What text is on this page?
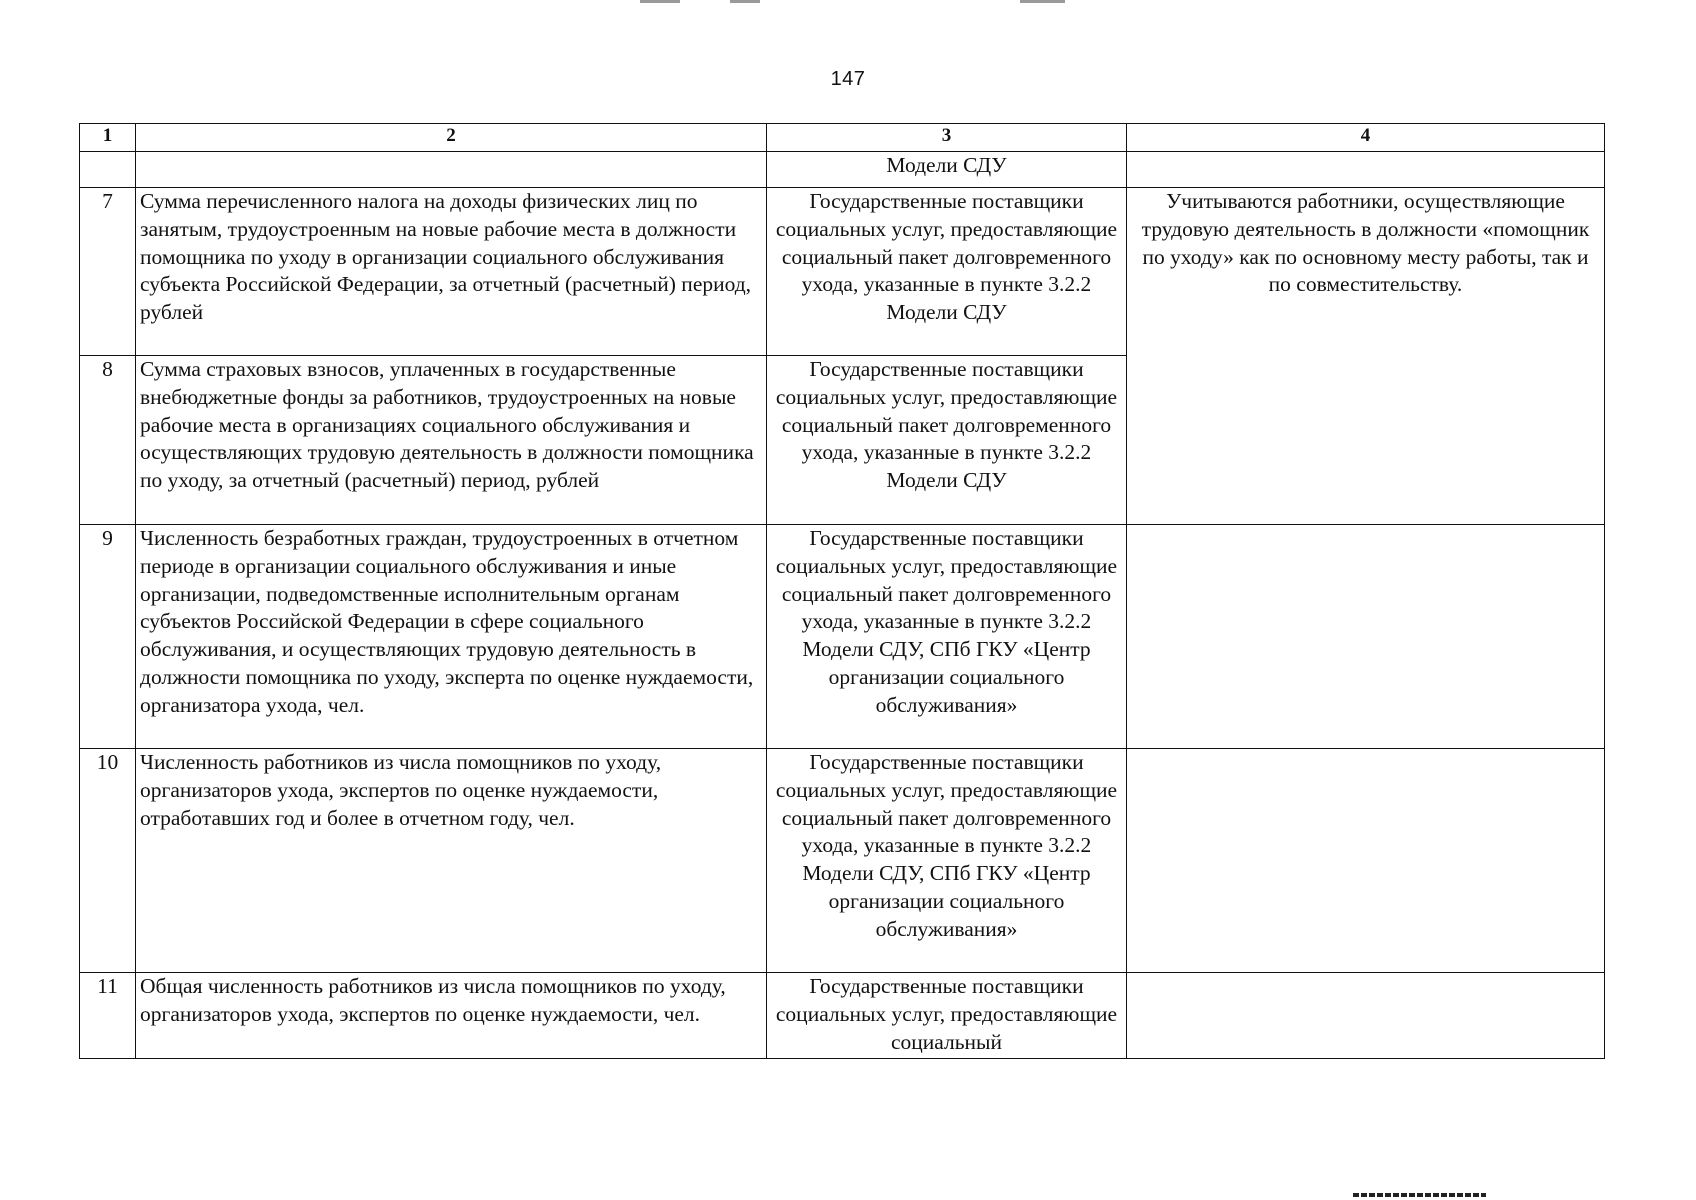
147
1	2	3	4
		Модели СДУ	
7	Сумма перечисленного налога на доходы физических лиц по занятым, трудоустроенным на новые рабочие места в должности помощника по уходу в организации социального обслуживания субъекта Российской Федерации, за отчетный (расчетный) период, рублей	Государственные поставщики социальных услуг, предоставляющие социальный пакет долговременного ухода, указанные в пункте 3.2.2 Модели СДУ	Учитываются работники, осуществляющие трудовую деятельность в должности «помощник по уходу» как по основному месту работы, так и по совместительству.
8	Сумма страховых взносов, уплаченных в государственные внебюджетные фонды за работников, трудоустроенных на новые рабочие места в организациях социального обслуживания и осуществляющих трудовую деятельность в должности помощника по уходу, за отчетный (расчетный) период, рублей	Государственные поставщики социальных услуг, предоставляющие социальный пакет долговременного ухода, указанные в пункте 3.2.2 Модели СДУ	
9	Численность безработных граждан, трудоустроенных в отчетном периоде в организации социального обслуживания и иные организации, подведомственные исполнительным органам субъектов Российской Федерации в сфере социального обслуживания, и осуществляющих трудовую деятельность в должности помощника по уходу, эксперта по оценке нуждаемости, организатора ухода, чел.	Государственные поставщики социальных услуг, предоставляющие социальный пакет долговременного ухода, указанные в пункте 3.2.2 Модели СДУ, СПб ГКУ «Центр организации социального обслуживания»	
10	Численность работников из числа помощников по уходу, организаторов ухода, экспертов по оценке нуждаемости, отработавших год и более в отчетном году, чел.	Государственные поставщики социальных услуг, предоставляющие социальный пакет долговременного ухода, указанные в пункте 3.2.2 Модели СДУ, СПб ГКУ «Центр организации социального обслуживания»	
11	Общая численность работников из числа помощников по уходу, организаторов ухода, экспертов по оценке нуждаемости, чел.	Государственные поставщики социальных услуг, предоставляющие социальный	
